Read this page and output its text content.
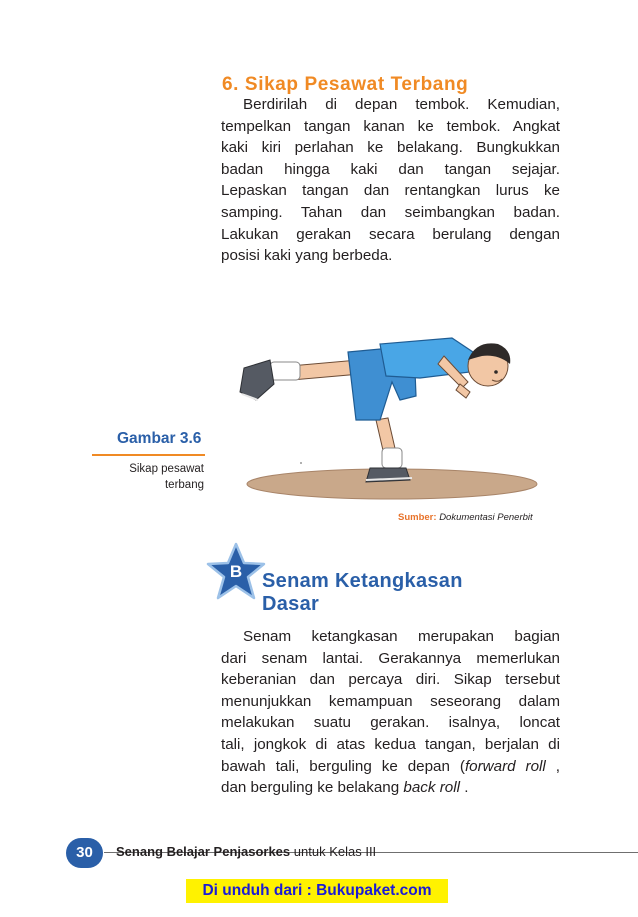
6. Sikap Pesawat Terbang
Berdirilah di depan tembok. Kemudian,
tempelkan tangan kanan ke tembok. Angkat
kaki kiri perlahan ke belakang. Bungkukkan
badan hingga kaki dan tangan sejajar.
Lepaskan tangan dan rentangkan lurus ke
samping. Tahan dan seimbangkan badan.
Lakukan gerakan secara berulang dengan
posisi kaki yang berbeda.
Gambar 3.6
Sikap pesawat
terbang
Sumber: Dokumentasi Penerbit
B Senam Ketangkasan
Dasar
Senam ketangkasan merupakan bagian
dari senam lantai. Gerakannya memerlukan
keberanian dan percaya diri. Sikap tersebut
menunjukkan kemampuan seseorang dalam
melakukan suatu gerakan. isalnya, loncat
tali, jongkok di atas kedua tangan, berjalan di
bawah tali, berguling ke depan (forward roll ,
dan berguling ke belakang back roll .
30	Senang Belajar Penjasorkes untuk Kelas III
Di unduh dari : Bukupaket.com
